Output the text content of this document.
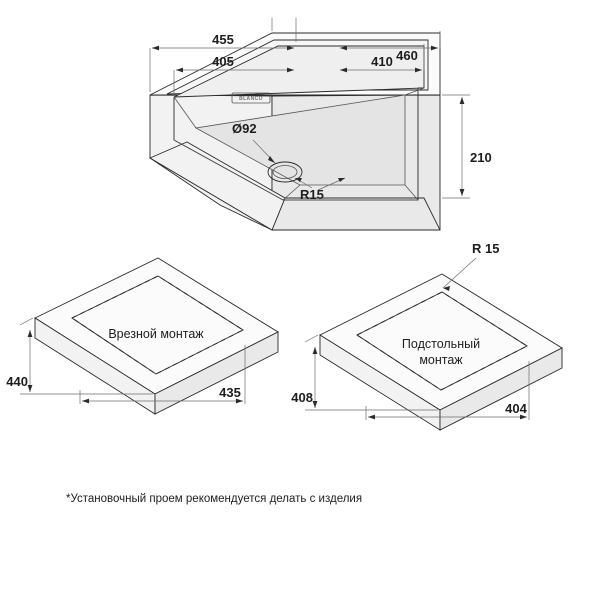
BLANCO
Ø92
R15
455
405	460
410
210
Врезной монтаж
440
435
Подстольный
монтаж
R 15
408
404
*Установочный проем рекомендуется делать с изделия
